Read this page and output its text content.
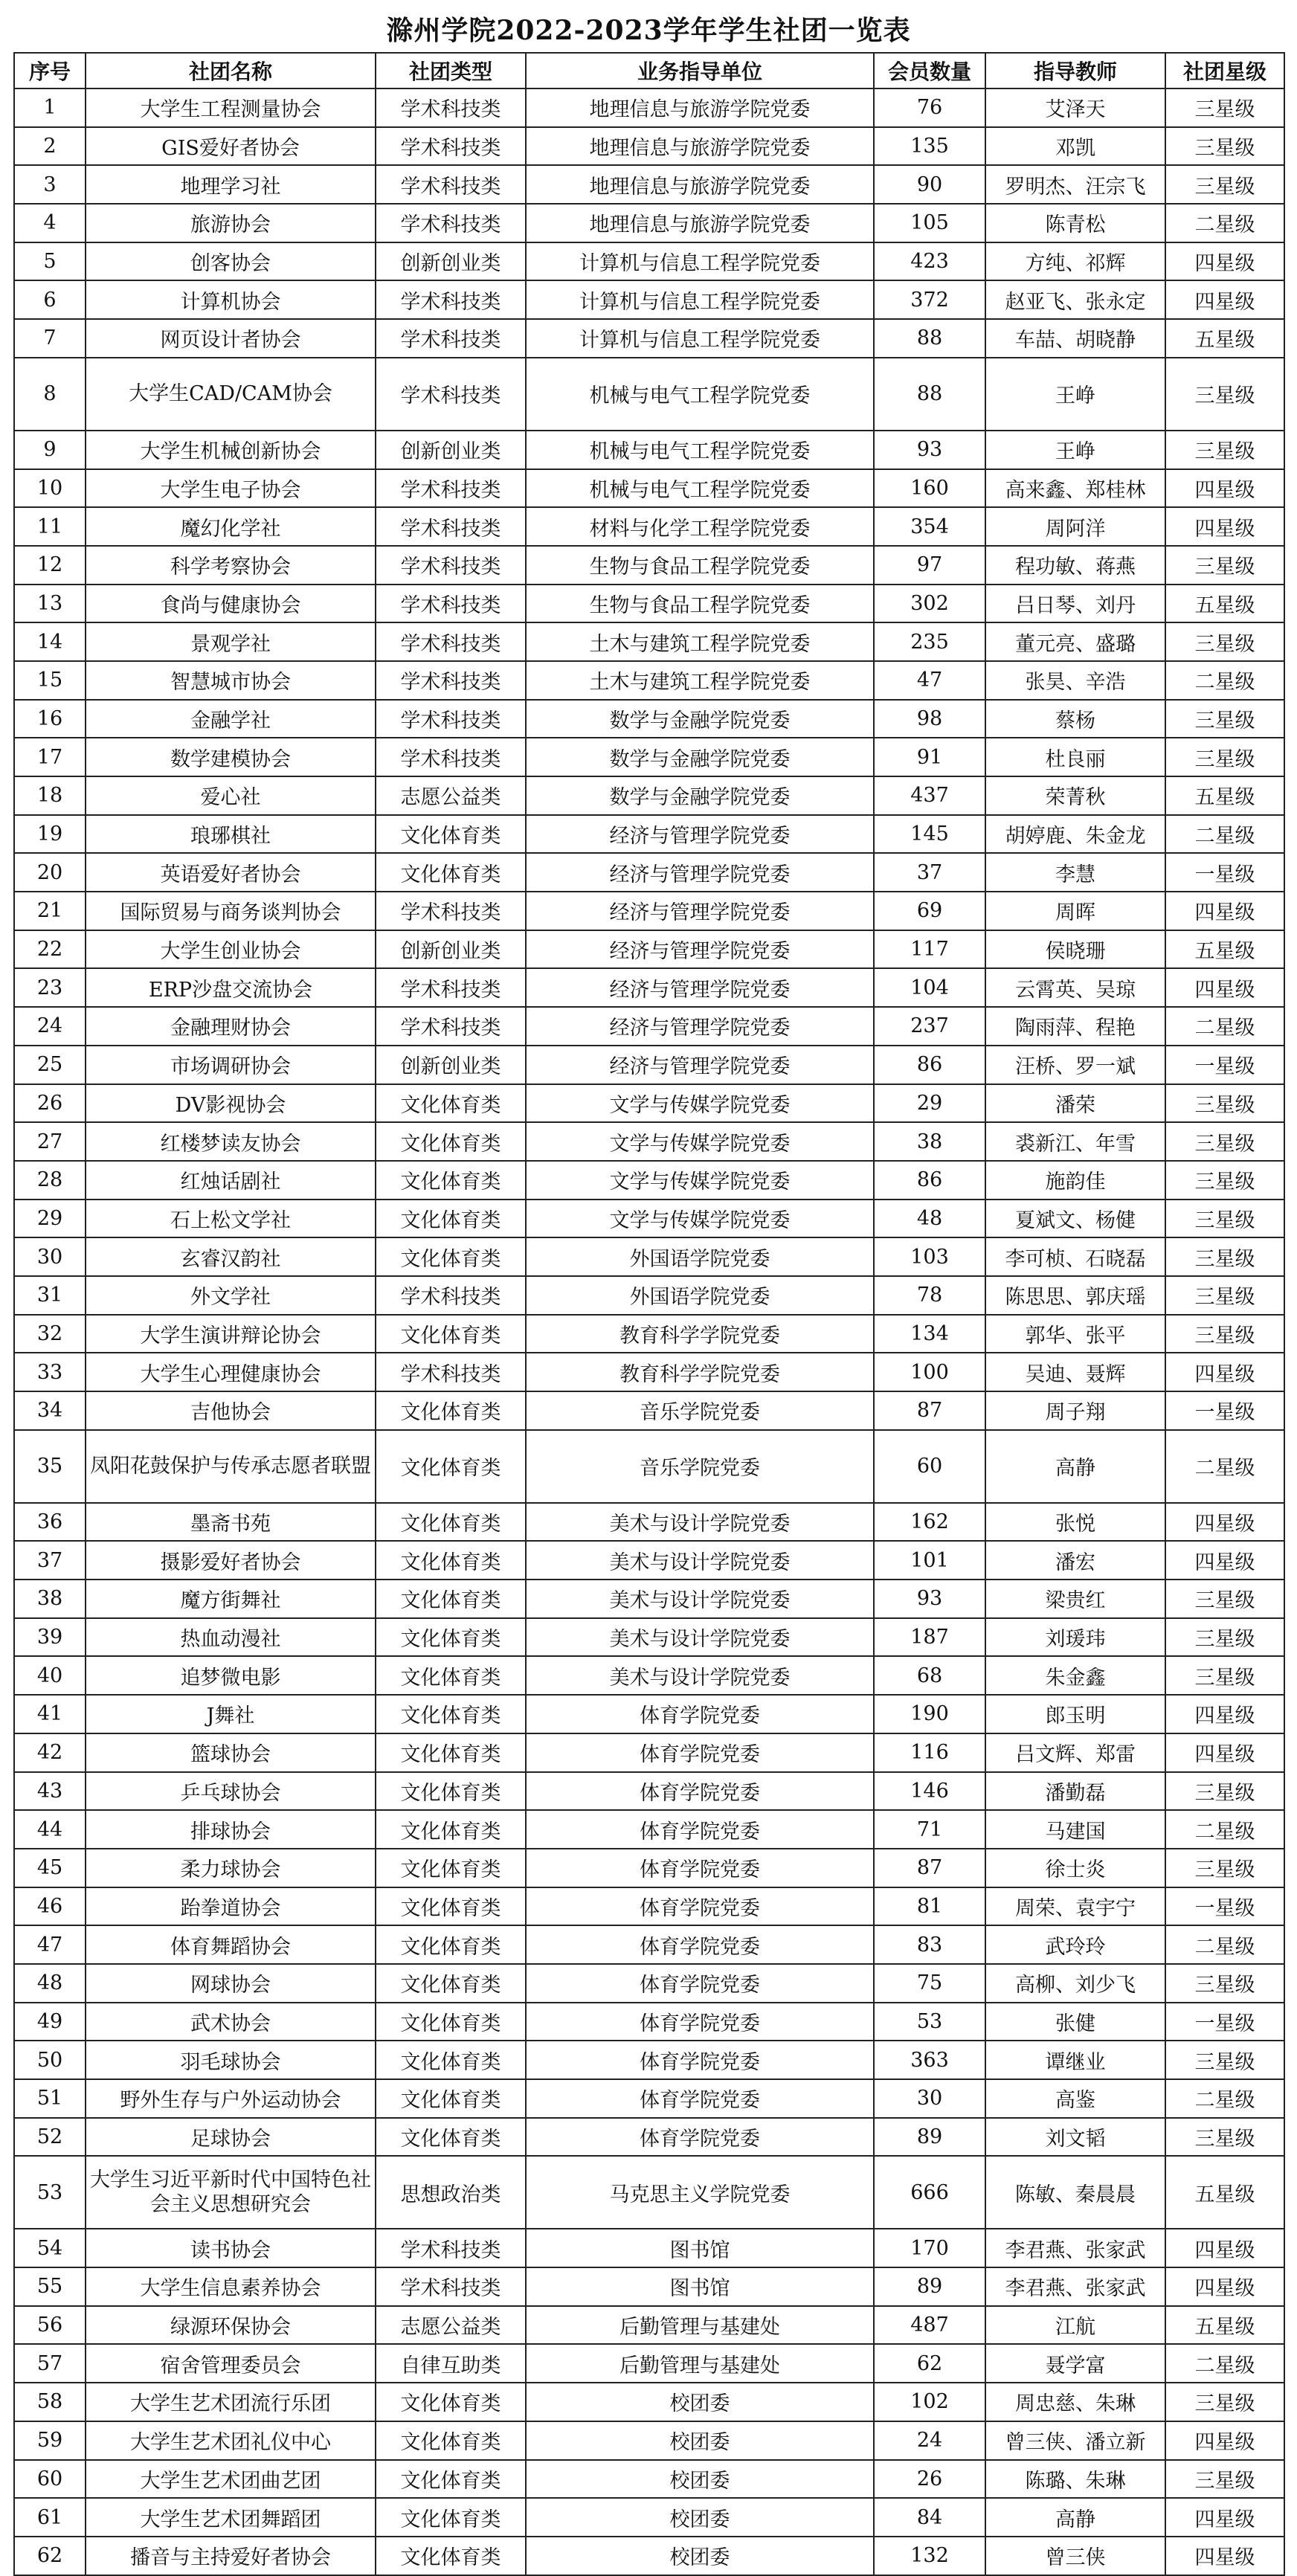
滁州学院2022-2023学年学生社团一览表
序号	社团名称	社团类型	业务指导单位	会员数量	指导教师	社团星级
1	大学生工程测量协会	学术科技类	地理信息与旅游学院党委	76	艾泽天	三星级
2	GIS爱好者协会	学术科技类	地理信息与旅游学院党委	135	邓凯	三星级
3	地理学习社	学术科技类	地理信息与旅游学院党委	90	罗明杰、汪宗飞	三星级
4	旅游协会	学术科技类	地理信息与旅游学院党委	105	陈青松	二星级
5	创客协会	创新创业类	计算机与信息工程学院党委	423	方纯、祁辉	四星级
6	计算机协会	学术科技类	计算机与信息工程学院党委	372	赵亚飞、张永定	四星级
7	网页设计者协会	学术科技类	计算机与信息工程学院党委	88	车喆、胡晓静	五星级
8	大学生CAD/CAM协会	学术科技类	机械与电气工程学院党委	88	王峥	三星级
9	大学生机械创新协会	创新创业类	机械与电气工程学院党委	93	王峥	三星级
10	大学生电子协会	学术科技类	机械与电气工程学院党委	160	高来鑫、郑桂林	四星级
11	魔幻化学社	学术科技类	材料与化学工程学院党委	354	周阿洋	四星级
12	科学考察协会	学术科技类	生物与食品工程学院党委	97	程功敏、蒋燕	三星级
13	食尚与健康协会	学术科技类	生物与食品工程学院党委	302	吕日琴、刘丹	五星级
14	景观学社	学术科技类	土木与建筑工程学院党委	235	董元亮、盛璐	三星级
15	智慧城市协会	学术科技类	土木与建筑工程学院党委	47	张昊、辛浩	二星级
16	金融学社	学术科技类	数学与金融学院党委	98	蔡杨	三星级
17	数学建模协会	学术科技类	数学与金融学院党委	91	杜良丽	三星级
18	爱心社	志愿公益类	数学与金融学院党委	437	荣菁秋	五星级
19	琅琊棋社	文化体育类	经济与管理学院党委	145	胡婷鹿、朱金龙	二星级
20	英语爱好者协会	文化体育类	经济与管理学院党委	37	李慧	一星级
21	国际贸易与商务谈判协会	学术科技类	经济与管理学院党委	69	周晖	四星级
22	大学生创业协会	创新创业类	经济与管理学院党委	117	侯晓珊	五星级
23	ERP沙盘交流协会	学术科技类	经济与管理学院党委	104	云霄英、吴琼	四星级
24	金融理财协会	学术科技类	经济与管理学院党委	237	陶雨萍、程艳	二星级
25	市场调研协会	创新创业类	经济与管理学院党委	86	汪桥、罗一斌	一星级
26	DV影视协会	文化体育类	文学与传媒学院党委	29	潘荣	三星级
27	红楼梦读友协会	文化体育类	文学与传媒学院党委	38	裘新江、年雪	三星级
28	红烛话剧社	文化体育类	文学与传媒学院党委	86	施韵佳	三星级
29	石上松文学社	文化体育类	文学与传媒学院党委	48	夏斌文、杨健	三星级
30	玄睿汉韵社	文化体育类	外国语学院党委	103	李可桢、石晓磊	三星级
31	外文学社	学术科技类	外国语学院党委	78	陈思思、郭庆瑶	三星级
32	大学生演讲辩论协会	文化体育类	教育科学学院党委	134	郭华、张平	三星级
33	大学生心理健康协会	学术科技类	教育科学学院党委	100	吴迪、聂辉	四星级
34	吉他协会	文化体育类	音乐学院党委	87	周子翔	一星级
35	凤阳花鼓保护与传承志愿者联盟	文化体育类	音乐学院党委	60	高静	二星级
36	墨斋书苑	文化体育类	美术与设计学院党委	162	张悦	四星级
37	摄影爱好者协会	文化体育类	美术与设计学院党委	101	潘宏	四星级
38	魔方街舞社	文化体育类	美术与设计学院党委	93	梁贵红	三星级
39	热血动漫社	文化体育类	美术与设计学院党委	187	刘瑗玮	三星级
40	追梦微电影	文化体育类	美术与设计学院党委	68	朱金鑫	三星级
41	J舞社	文化体育类	体育学院党委	190	郎玉明	四星级
42	篮球协会	文化体育类	体育学院党委	116	吕文辉、郑雷	四星级
43	乒乓球协会	文化体育类	体育学院党委	146	潘勤磊	三星级
44	排球协会	文化体育类	体育学院党委	71	马建国	二星级
45	柔力球协会	文化体育类	体育学院党委	87	徐士炎	三星级
46	跆拳道协会	文化体育类	体育学院党委	81	周荣、袁宇宁	一星级
47	体育舞蹈协会	文化体育类	体育学院党委	83	武玲玲	二星级
48	网球协会	文化体育类	体育学院党委	75	高柳、刘少飞	三星级
49	武术协会	文化体育类	体育学院党委	53	张健	一星级
50	羽毛球协会	文化体育类	体育学院党委	363	谭继业	三星级
51	野外生存与户外运动协会	文化体育类	体育学院党委	30	高鉴	二星级
52	足球协会	文化体育类	体育学院党委	89	刘文韬	三星级
53	大学生习近平新时代中国特色社会主义思想研究会	思想政治类	马克思主义学院党委	666	陈敏、秦晨晨	五星级
54	读书协会	学术科技类	图书馆	170	李君燕、张家武	四星级
55	大学生信息素养协会	学术科技类	图书馆	89	李君燕、张家武	四星级
56	绿源环保协会	志愿公益类	后勤管理与基建处	487	江航	五星级
57	宿舍管理委员会	自律互助类	后勤管理与基建处	62	聂学富	二星级
58	大学生艺术团流行乐团	文化体育类	校团委	102	周忠慈、朱琳	三星级
59	大学生艺术团礼仪中心	文化体育类	校团委	24	曾三侠、潘立新	四星级
60	大学生艺术团曲艺团	文化体育类	校团委	26	陈璐、朱琳	三星级
61	大学生艺术团舞蹈团	文化体育类	校团委	84	高静	四星级
62	播音与主持爱好者协会	文化体育类	校团委	132	曾三侠	四星级
